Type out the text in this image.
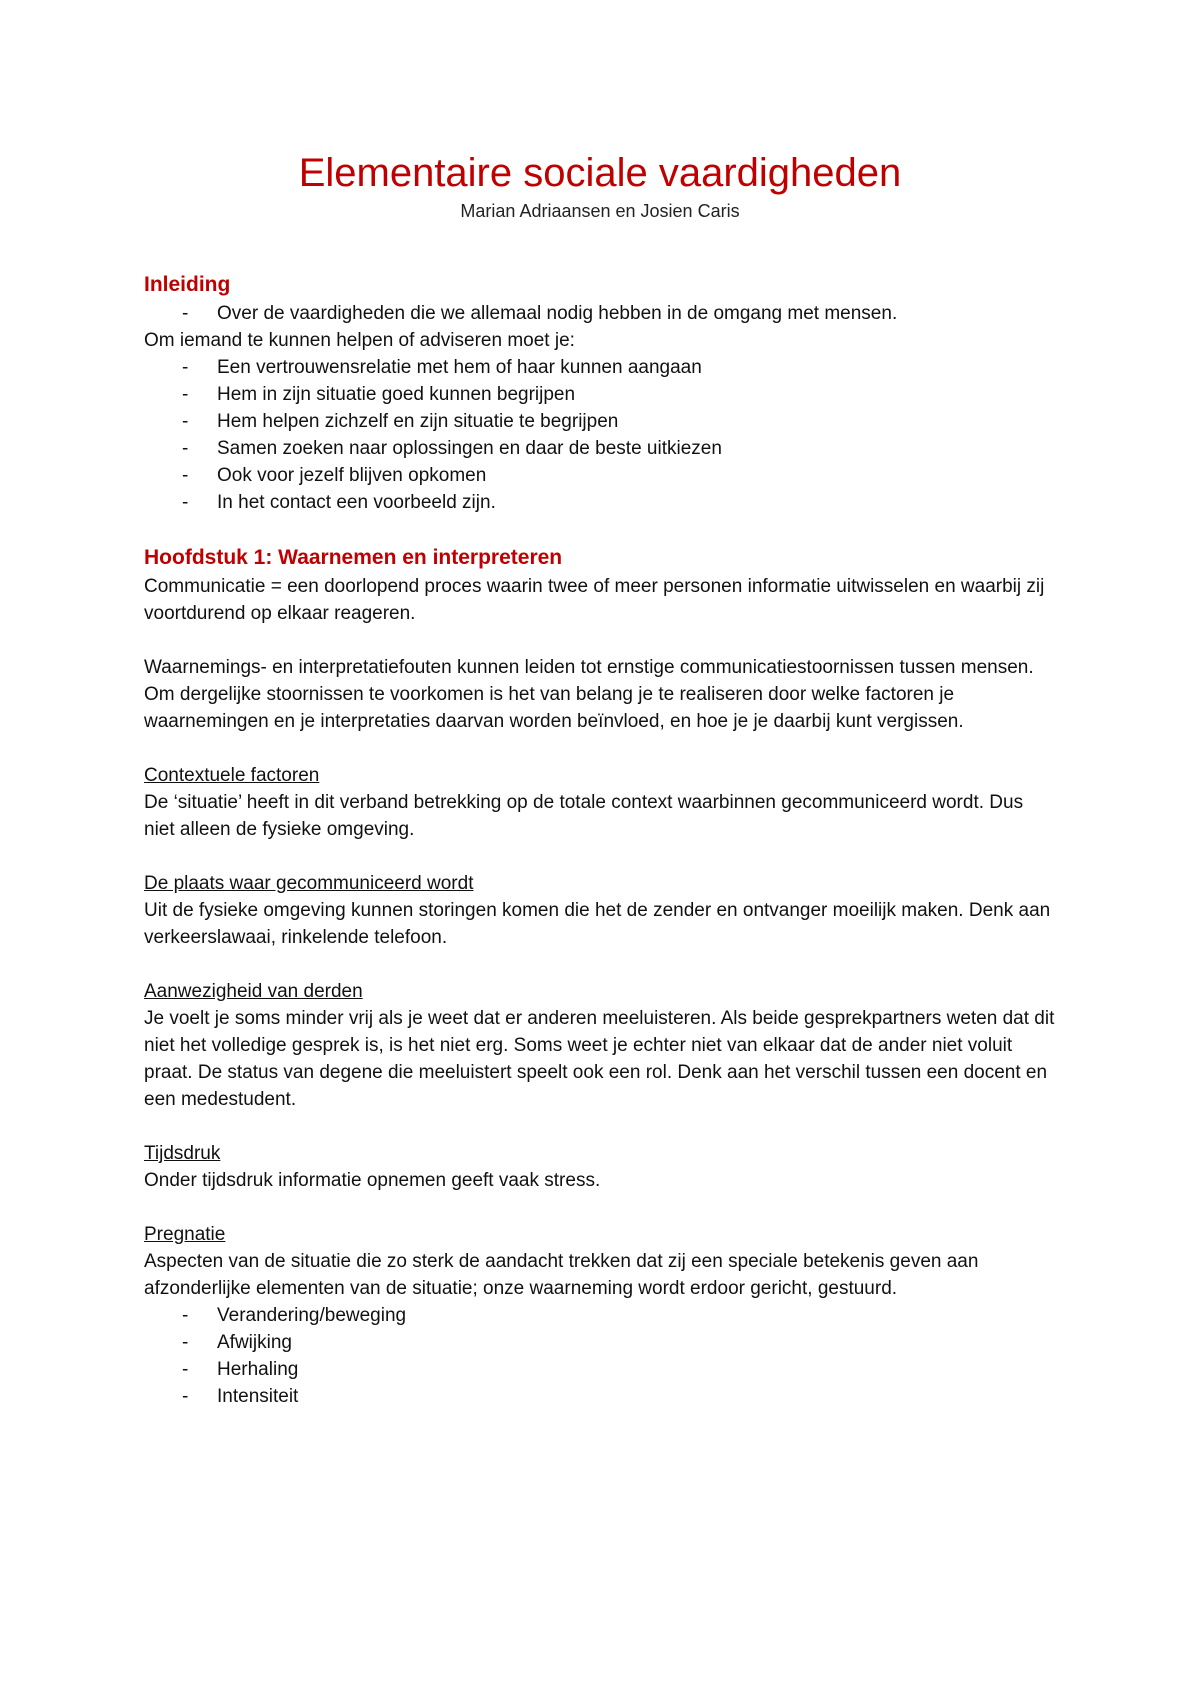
Elementaire sociale vaardigheden

Marian Adriaansen en Josien Caris

Inleiding
- Over de vaardigheden die we allemaal nodig hebben in de omgang met mensen.

Om iemand te kunnen helpen of adviseren moet je:

- Een vertrouwensrelatie met hem of haar kunnen aangaan
- Hem in zijn situatie goed kunnen begrijpen
- Hem helpen zichzelf en zijn situatie te begrijpen
- Samen zoeken naar oplossingen en daar de beste uitkiezen
- Ook voor jezelf blijven opkomen
- In het contact een voorbeeld zijn.
Hoofdstuk 1: Waarnemen en interpreteren

Communicatie = een doorlopend proces waarin twee of meer personen informatie uitwisselen en waarbij zij voortdurend op elkaar reageren.

Waarnemings- en interpretatiefouten kunnen leiden tot ernstige communicatiestoornissen tussen mensen.

Om dergelijke stoornissen te voorkomen is het van belang je te realiseren door welke factoren je waarnemingen en je interpretaties daarvan worden beïnvloed, en hoe je je daarbij kunt vergissen.

Contextuele factoren

De ‘situatie’ heeft in dit verband betrekking op de totale context waarbinnen gecommuniceerd wordt. Dus niet alleen de fysieke omgeving.

De plaats waar gecommuniceerd wordt

Uit de fysieke omgeving kunnen storingen komen die het de zender en ontvanger moeilijk maken. Denk aan verkeerslawaai, rinkelende telefoon.

Aanwezigheid van derden

Je voelt je soms minder vrij als je weet dat er anderen meeluisteren. Als beide gesprekpartners weten dat dit niet het volledige gesprek is, is het niet erg. Soms weet je echter niet van elkaar dat de ander niet voluit praat. De status van degene die meeluistert speelt ook een rol. Denk aan het verschil tussen een docent en een medestudent.

Tijdsdruk

Onder tijdsdruk informatie opnemen geeft vaak stress.

Pregnatie

Aspecten van de situatie die zo sterk de aandacht trekken dat zij een speciale betekenis geven aan afzonderlijke elementen van de situatie; onze waarneming wordt erdoor gericht, gestuurd.

- Verandering/beweging
- Afwijking
- Herhaling
- Intensiteit
